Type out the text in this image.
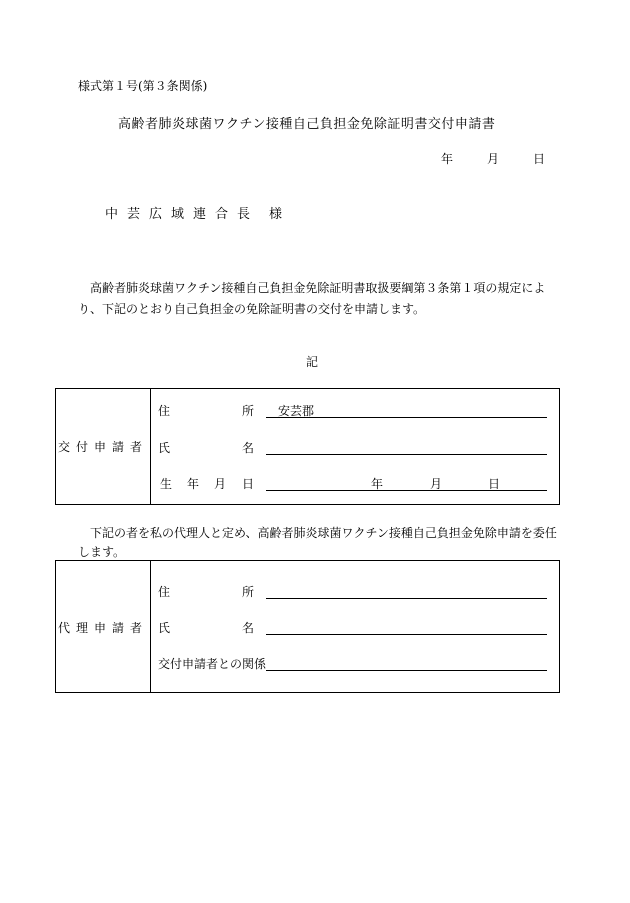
様式第１号(第３条関係)
高齢者肺炎球菌ワクチン接種自己負担金免除証明書交付申請書
年	月	日
中芸広域連合長 様
高齢者肺炎球菌ワクチン接種自己負担金免除証明書取扱要綱第３条第１項の規定により、下記のとおり自己負担金の免除証明書の交付を申請します。
記
交付申請者
住	所 安芸郡
氏	名
生 年 月 日	年	月	日
下記の者を私の代理人と定め、高齢者肺炎球菌ワクチン接種自己負担金免除申請を委任します。
代理申請者
住	所
氏	名
交付申請者との関係
